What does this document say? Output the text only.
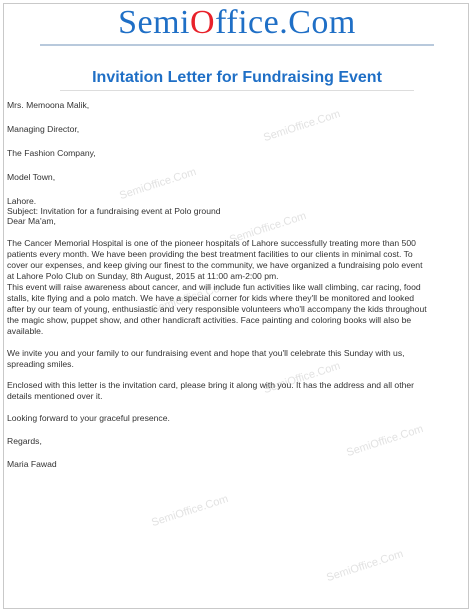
SemiOffice.Com
Invitation Letter for Fundraising Event
SemiOffice.Com
SemiOffice.Com
SemiOffice.Com
SemiOffice.Com
SemiOffice.Com
SemiOffice.Com
SemiOffice.Com
SemiOffice.Com
Mrs. Memoona Malik,
Managing Director,
The Fashion Company,
Model Town,
Lahore.
Subject: Invitation for a fundraising event at Polo ground
Dear Ma'am,
The Cancer Memorial Hospital is one of the pioneer hospitals of Lahore successfully treating more than 500
patients every month. We have been providing the best treatment facilities to our clients in minimal cost. To
cover our expenses, and keep giving our finest to the community, we have organized a fundraising polo event
at Lahore Polo Club on Sunday, 8th August, 2015 at 11:00 am-2:00 pm.
This event will raise awareness about cancer, and will include fun activities like wall climbing, car racing, food
stalls, kite flying and a polo match. We have a special corner for kids where they'll be monitored and looked
after by our team of young, enthusiastic and very responsible volunteers who'll accompany the kids throughout
the magic show, puppet show, and other handicraft activities. Face painting and coloring books will also be
available.
We invite you and your family to our fundraising event and hope that you'll celebrate this Sunday with us,
spreading smiles.
Enclosed with this letter is the invitation card, please bring it along with you. It has the address and all other
details mentioned over it.
Looking forward to your graceful presence.
Regards,
Maria Fawad
